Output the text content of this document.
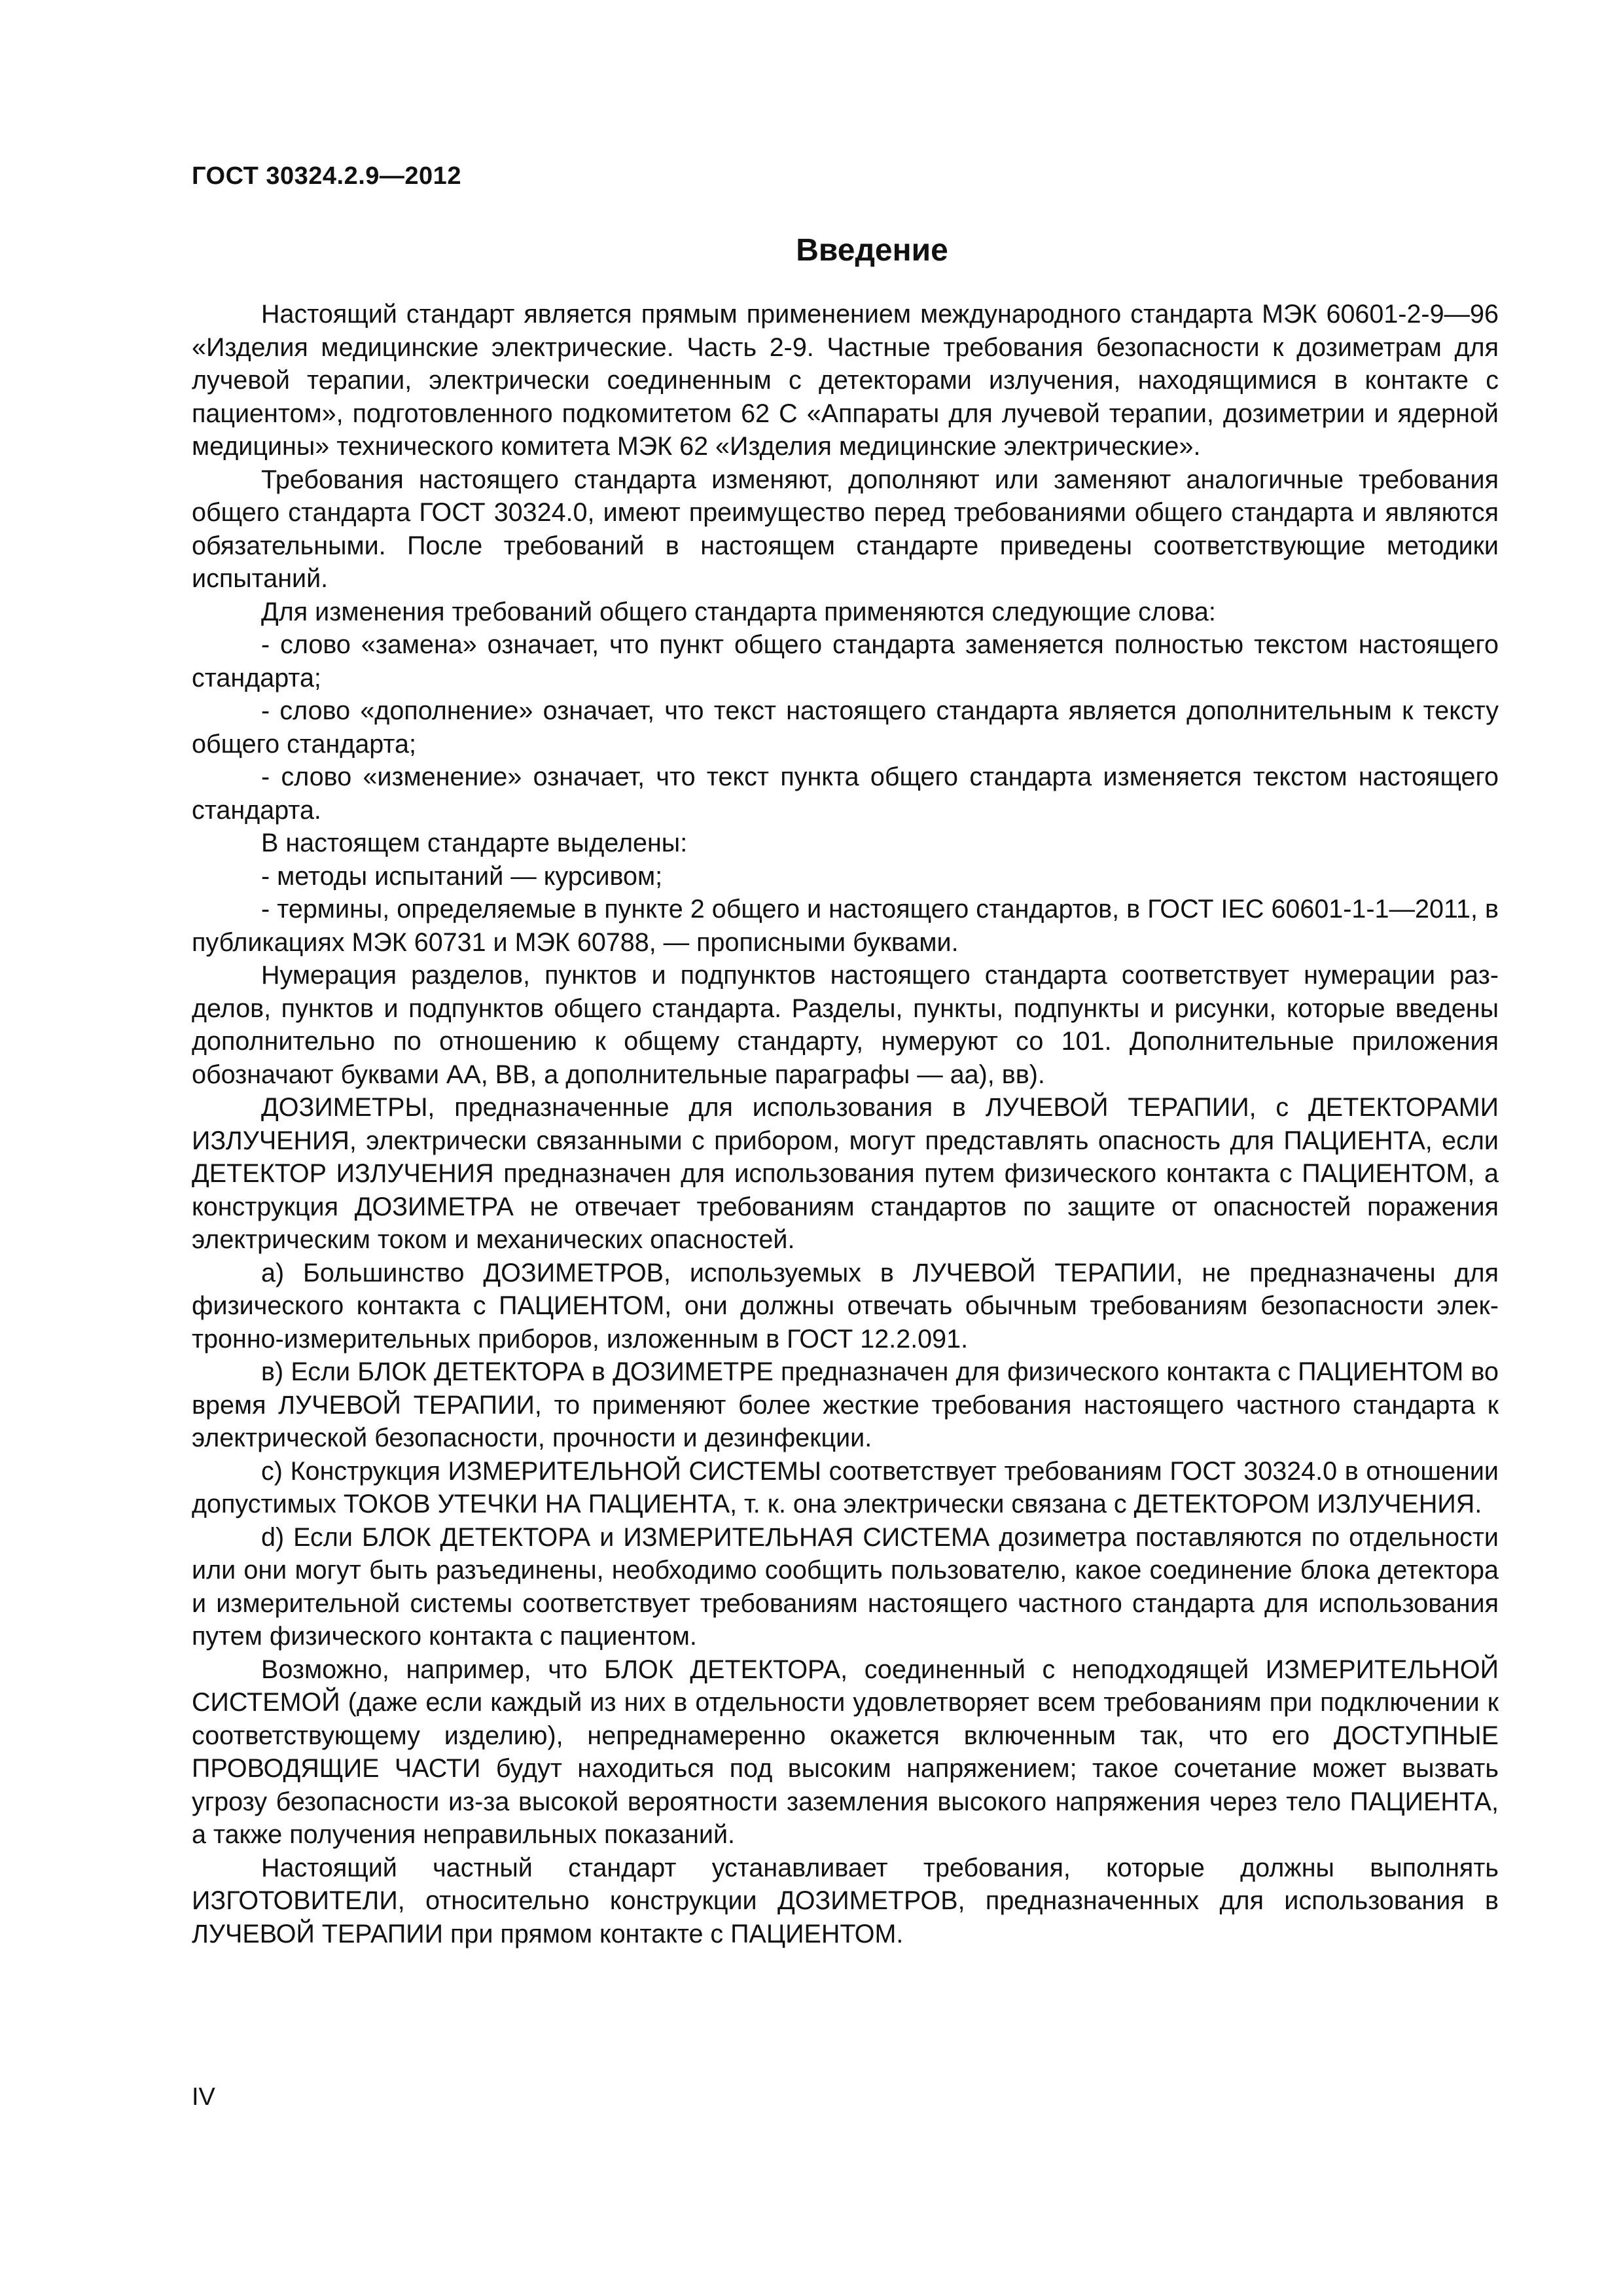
ГОСТ 30324.2.9—2012
Введение

Настоящий стандарт является прямым применением международного стандарта МЭК 60601-2-9—96 «Изделия медицинские электрические. Часть 2-9. Частные требования безопасности к дозиметрам для лучевой терапии, электрически соединенным с детекторами излучения, находящимися в контакте с пациентом», подготовленного подкомитетом 62 С «Аппараты для лучевой терапии, дозиметрии и ядерной медицины» технического комитета МЭК 62 «Изделия медицинские электрические».

Требования настоящего стандарта изменяют, дополняют или заменяют аналогичные требования общего стандарта ГОСТ 30324.0, имеют преимущество перед требованиями общего стандарта и являются обязательными. После требований в настоящем стандарте приведены соответствующие методики испытаний.

Для изменения требований общего стандарта применяются следующие слова:

- слово «замена» означает, что пункт общего стандарта заменяется полностью текстом настоящего стандарта;

- слово «дополнение» означает, что текст настоящего стандарта является дополнительным к тексту общего стандарта;

- слово «изменение» означает, что текст пункта общего стандарта изменяется текстом настоящего стандарта.

В настоящем стандарте выделены:

- методы испытаний — курсивом;

- термины, определяемые в пункте 2 общего и настоящего стандартов, в ГОСТ IEC 60601-1-1—2011, в публикациях МЭК 60731 и МЭК 60788, — прописными буквами.

Нумерация разделов, пунктов и подпунктов настоящего стандарта соответствует нумерации разделов, пунктов и подпунктов общего стандарта. Разделы, пункты, подпункты и рисунки, которые введены дополнительно по отношению к общему стандарту, нумеруют со 101. Дополнительные приложения обозначают буквами АА, ВВ, а дополнительные параграфы — аа), вв).

ДОЗИМЕТРЫ, предназначенные для использования в ЛУЧЕВОЙ ТЕРАПИИ, с ДЕТЕКТОРАМИ ИЗЛУЧЕНИЯ, электрически связанными с прибором, могут представлять опасность для ПАЦИЕНТА, если ДЕТЕКТОР ИЗЛУЧЕНИЯ предназначен для использования путем физического контакта с ПАЦИЕНТОМ, а конструкция ДОЗИМЕТРА не отвечает требованиям стандартов по защите от опасностей поражения электрическим током и механических опасностей.

а) Большинство ДОЗИМЕТРОВ, используемых в ЛУЧЕВОЙ ТЕРАПИИ, не предназначены для физического контакта с ПАЦИЕНТОМ, они должны отвечать обычным требованиям безопасности электронно-измерительных приборов, изложенным в ГОСТ 12.2.091.

в) Если БЛОК ДЕТЕКТОРА в ДОЗИМЕТРЕ предназначен для физического контакта с ПАЦИЕНТОМ во время ЛУЧЕВОЙ ТЕРАПИИ, то применяют более жесткие требования настоящего частного стандарта к электрической безопасности, прочности и дезинфекции.

с) Конструкция ИЗМЕРИТЕЛЬНОЙ СИСТЕМЫ соответствует требованиям ГОСТ 30324.0 в отношении допустимых ТОКОВ УТЕЧКИ НА ПАЦИЕНТА, т. к. она электрически связана с ДЕТЕКТОРОМ ИЗЛУЧЕНИЯ.

d) Если БЛОК ДЕТЕКТОРА и ИЗМЕРИТЕЛЬНАЯ СИСТЕМА дозиметра поставляются по отдельности или они могут быть разъединены, необходимо сообщить пользователю, какое соединение блока детектора и измерительной системы соответствует требованиям настоящего частного стандарта для использования путем физического контакта с пациентом.

Возможно, например, что БЛОК ДЕТЕКТОРА, соединенный с неподходящей ИЗМЕРИТЕЛЬНОЙ СИСТЕМОЙ (даже если каждый из них в отдельности удовлетворяет всем требованиям при подключении к соответствующему изделию), непреднамеренно окажется включенным так, что его ДОСТУПНЫЕ ПРОВОДЯЩИЕ ЧАСТИ будут находиться под высоким напряжением; такое сочетание может вызвать угрозу безопасности из-за высокой вероятности заземления высокого напряжения через тело ПАЦИЕНТА, а также получения неправильных показаний.

Настоящий частный стандарт устанавливает требования, которые должны выполнять ИЗГОТОВИТЕЛИ, относительно конструкции ДОЗИМЕТРОВ, предназначенных для использования в ЛУЧЕВОЙ ТЕРАПИИ при прямом контакте с ПАЦИЕНТОМ.

IV
